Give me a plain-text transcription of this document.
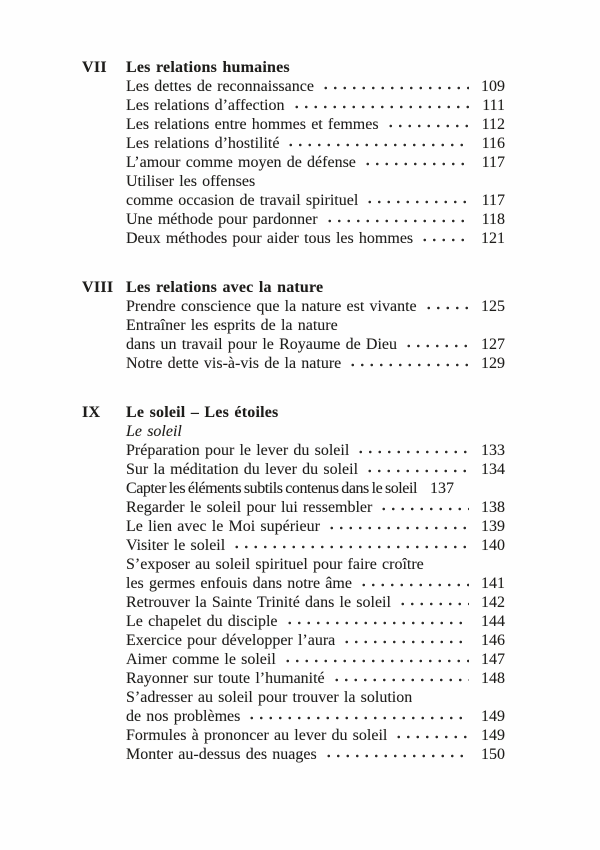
VII	Les relations humaines
Les dettes de reconnaissance	109
Les relations d’affection	111
Les relations entre hommes et femmes	112
Les relations d’hostilité	116
L’amour comme moyen de défense	117
Utiliser les offenses
comme occasion de travail spirituel	117
Une méthode pour pardonner	118
Deux méthodes pour aider tous les hommes	121
VIII Les relations avec la nature
Prendre conscience que la nature est vivante	125
Entraîner les esprits de la nature
dans un travail pour le Royaume de Dieu	127
Notre dette vis-à-vis de la nature	129
IX	Le soleil – Les étoiles
Le soleil
Préparation pour le lever du soleil	133
Sur la méditation du lever du soleil	134
Capter les éléments subtils contenus dans le soleil 137
Regarder le soleil pour lui ressembler	138
Le lien avec le Moi supérieur	139
Visiter le soleil	140
S’exposer au soleil spirituel pour faire croître
les germes enfouis dans notre âme	141
Retrouver la Sainte Trinité dans le soleil	142
Le chapelet du disciple	144
Exercice pour développer l’aura	146
Aimer comme le soleil	147
Rayonner sur toute l’humanité	148
S’adresser au soleil pour trouver la solution
de nos problèmes	149
Formules à prononcer au lever du soleil	149
Monter au-dessus des nuages	150
